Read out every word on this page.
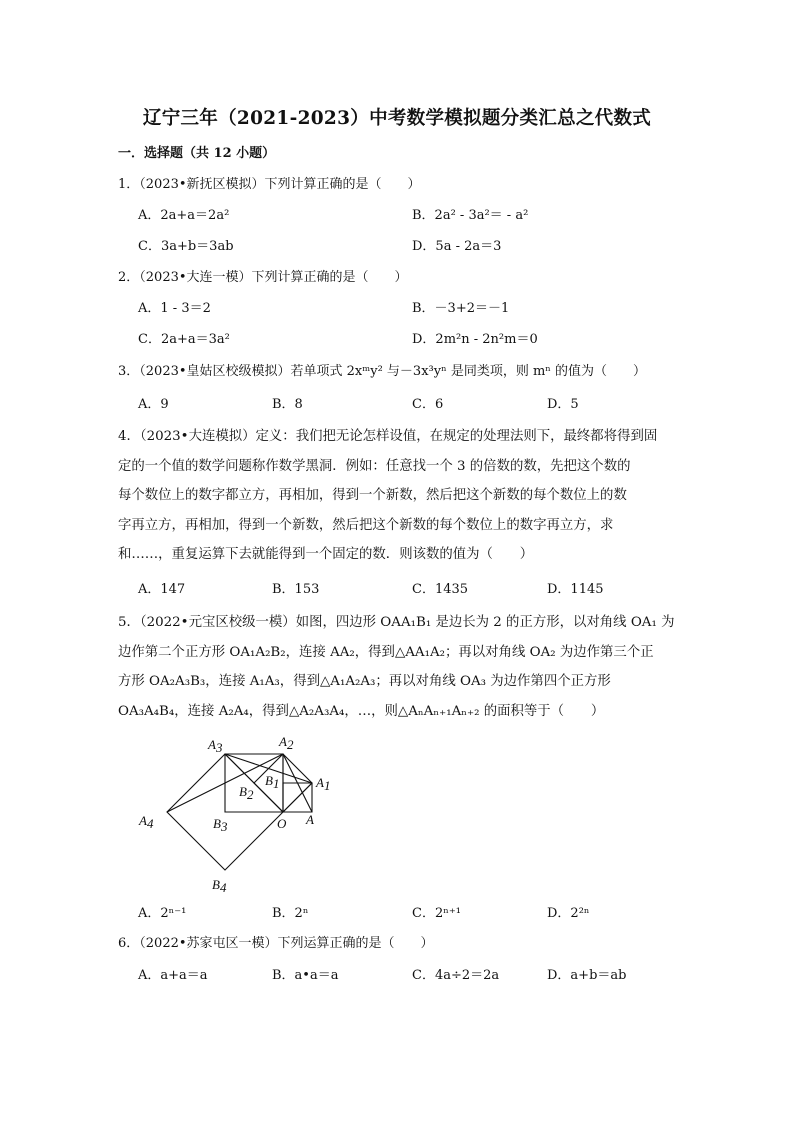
辽宁三年（2021-2023）中考数学模拟题分类汇总之代数式
一．选择题（共 12 小题）
1．（2023•新抚区模拟）下列计算正确的是（　　）
A．2a+a＝2a²	B．2a² - 3a²＝ - a²
C．3a+b＝3ab	D．5a - 2a＝3
2．（2023•大连一模）下列计算正确的是（　　）
A．1 - 3＝2	B．－3+2＝－1
C．2a+a＝3a²	D．2m²n - 2n²m＝0
3．（2023•皇姑区校级模拟）若单项式 2xᵐy² 与－3x³yⁿ 是同类项，则 mⁿ 的值为（　　）
A．9	B．8	C．6	D．5
4．（2023•大连模拟）定义：我们把无论怎样设值，在规定的处理法则下，最终都将得到固
定的一个值的数学问题称作数学黑洞．例如：任意找一个 3 的倍数的数，先把这个数的
每个数位上的数字都立方，再相加，得到一个新数，然后把这个新数的每个数位上的数
字再立方，再相加，得到一个新数，然后把这个新数的每个数位上的数字再立方，求
和……，重复运算下去就能得到一个固定的数．则该数的值为（　　）
A．147	B．153	C．1435	D．1145
5．（2022•元宝区校级一模）如图，四边形 OAA₁B₁ 是边长为 2 的正方形，以对角线 OA₁ 为
边作第二个正方形 OA₁A₂B₂，连接 AA₂，得到△AA₁A₂；再以对角线 OA₂ 为边作第三个正
方形 OA₂A₃B₃，连接 A₁A₃，得到△A₁A₂A₃；再以对角线 OA₃ 为边作第四个正方形
OA₃A₄B₄，连接 A₂A₄，得到△A₂A₃A₄，…，则△AₙAₙ₊₁Aₙ₊₂ 的面积等于（　　）
A3	A2
B1	A1
B2
A4	B3	O A
B4
A．2ⁿ⁻¹	B．2ⁿ	C．2ⁿ⁺¹	D．2²ⁿ
6．（2022•苏家屯区一模）下列运算正确的是（　　）
A．a+a＝a	B．a•a＝a	C．4a÷2＝2a	D．a+b＝ab
